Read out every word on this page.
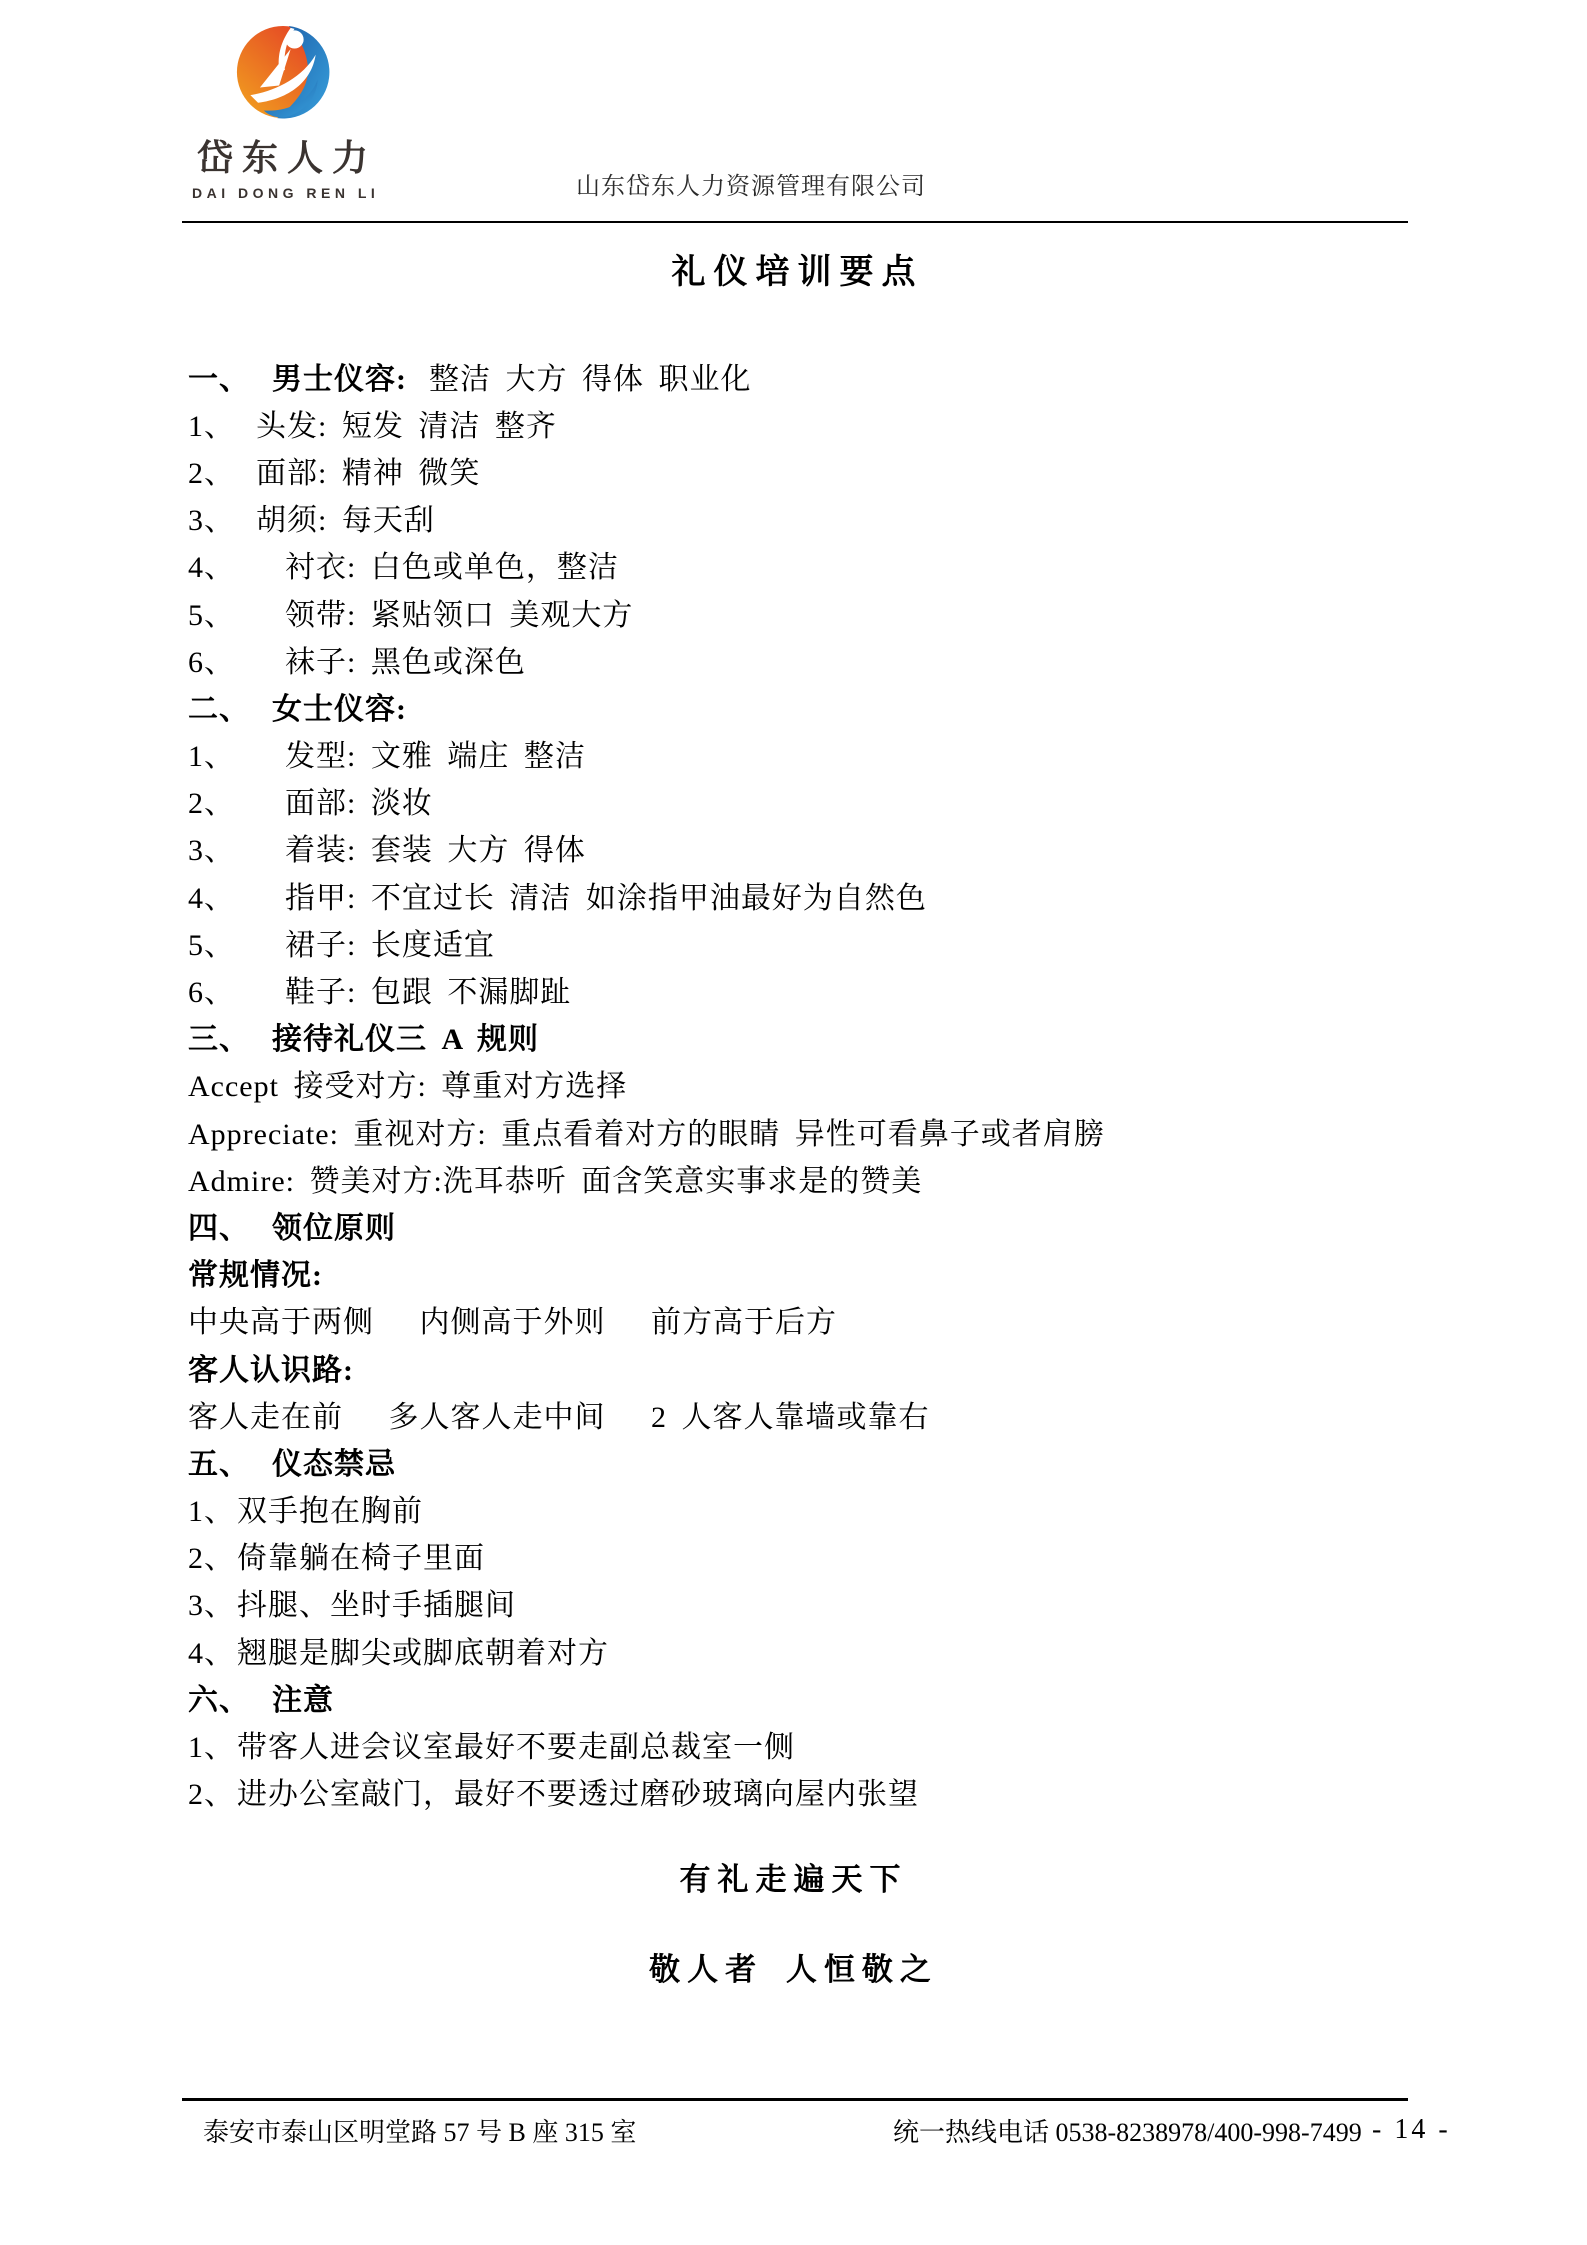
岱东人力
DAI DONG REN LI	山东岱东人力资源管理有限公司
礼仪培训要点
一、 男士仪容: 整洁 大方 得体 职业化
1、 头发: 短发 清洁 整齐
2、 面部: 精神 微笑
3、 胡须: 每天刮
4、 衬衣: 白色或单色，整洁
5、 领带: 紧贴领口 美观大方
6、 袜子: 黑色或深色
二、 女士仪容:
1、 发型: 文雅 端庄 整洁
2、 面部: 淡妆
3、 着装: 套装 大方 得体
4、 指甲: 不宜过长 清洁 如涂指甲油最好为自然色
5、 裙子: 长度适宜
6、 鞋子: 包跟 不漏脚趾
三、 接待礼仪三 A 规则
Accept 接受对方: 尊重对方选择
Appreciate: 重视对方: 重点看着对方的眼睛 异性可看鼻子或者肩膀
Admire: 赞美对方:洗耳恭听 面含笑意实事求是的赞美
四、 领位原则
常规情况:
中央高于两侧　 内侧高于外则　 前方高于后方
客人认识路:
客人走在前　 多人客人走中间　 2 人客人靠墙或靠右
五、 仪态禁忌
1、 双手抱在胸前
2、 倚靠躺在椅子里面
3、 抖腿、坐时手插腿间
4、 翘腿是脚尖或脚底朝着对方
六、 注意
1、 带客人进会议室最好不要走副总裁室一侧
2、 进办公室敲门，最好不要透过磨砂玻璃向屋内张望
有礼走遍天下
敬人者 人恒敬之
泰安市泰山区明堂路 57 号 B 座 315 室	统一热线电话 0538-8238978/400-998-7499 - 14 -
